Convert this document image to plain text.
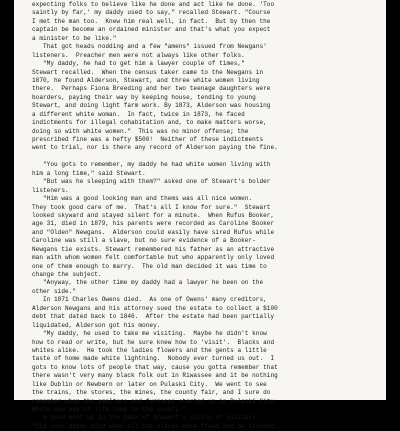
expecting folks to believe like he done and act like he done. 'Too
saintly by far,' my daddy used to say," recalled Stewart. "Course
I met the man too.  Knew him real well, in fact.  But by then the
captain be become an ordained minister and that's what you expect
a minister to be like."
That got heads nodding and a few "amens" issued from Newgans'
listeners.  Preacher men were not always like other folks.
"My daddy, he had to get him a lawyer couple of times,"
Stewart recalled.  When the census taker came to the Newgans in
1870, he found Alderson, Stewart, and three white women living
there.  Perhaps Fiona Breeding and her two teenage daughters were
boarders, paying their way by keeping house, tending to young
Stewart, and doing light farm work. By 1873, Alderson was housing
a different white woman.  In fact, twice in 1873, he faced
indictments for illegal cohabitation and, to make matters worse,
doing so with white women."  This was no minor offense; the
prescribed fine was a hefty $500!  Neither of these indictments
went to trial, nor is there any record of Alderson paying the fine.
"You gots to remember, my daddy he had white women living with
him a long time," said Stewart.
"But was he sleeping with them?" asked one of Stewart's bolder
listeners.
"Him was a good looking man and thems was all nice women.
They took good care of me.  That's all I know for sure."  Stewart
looked skyward and stayed silent for a minute.  When Rufus Booker,
age 31, died in 1879, his parents were recorded as Caroline Booker
and "Olden" Newgans.  Alderson could easily have sired Rufus while
Caroline was still a slave, but no sure evidence of a Booker-
Newgans tie exists. Stewart remembered his father as an attractive
man with whom women felt comfortable but who apparently only loved
one of them enough to marry.  The old man decided it was time to
change the subject.
"Anyway, the other time my daddy had a lawyer he been on the
other side."
In 1871 Charles Owens died.  As one of Owens' many creditors,
Alderson Newgans and his attorney sued the estate to collect a $100
debt that dated back to 1846.  After the estate had been partially
liquidated, Alderson got his money.
"My daddy, he used to take me visiting.  Maybe he didn't know
how to read or write, but he sure knew how to 'visit'.  Blacks and
whites alike.  He took the ladies flowers and the gents a little
taste of home made white lightning.  Nobody ever turned us out.  I
gots to know lots of people that way, cause you gotta remember that
there wasn't very many black folk out in Riwassee and it be nothing
like Dublin or Newbern or later on Pulaski City.  We went to see
the trains, the stores, the mines, the county fair, and I sure do
remember when the smelters and furnaces started up in Pulaski City.
Whole new way of life come to the county."
A hand went up in the back of Stewart's circle of visitors.
"Did your daddy mind when all the slaves were freed and he stopped
